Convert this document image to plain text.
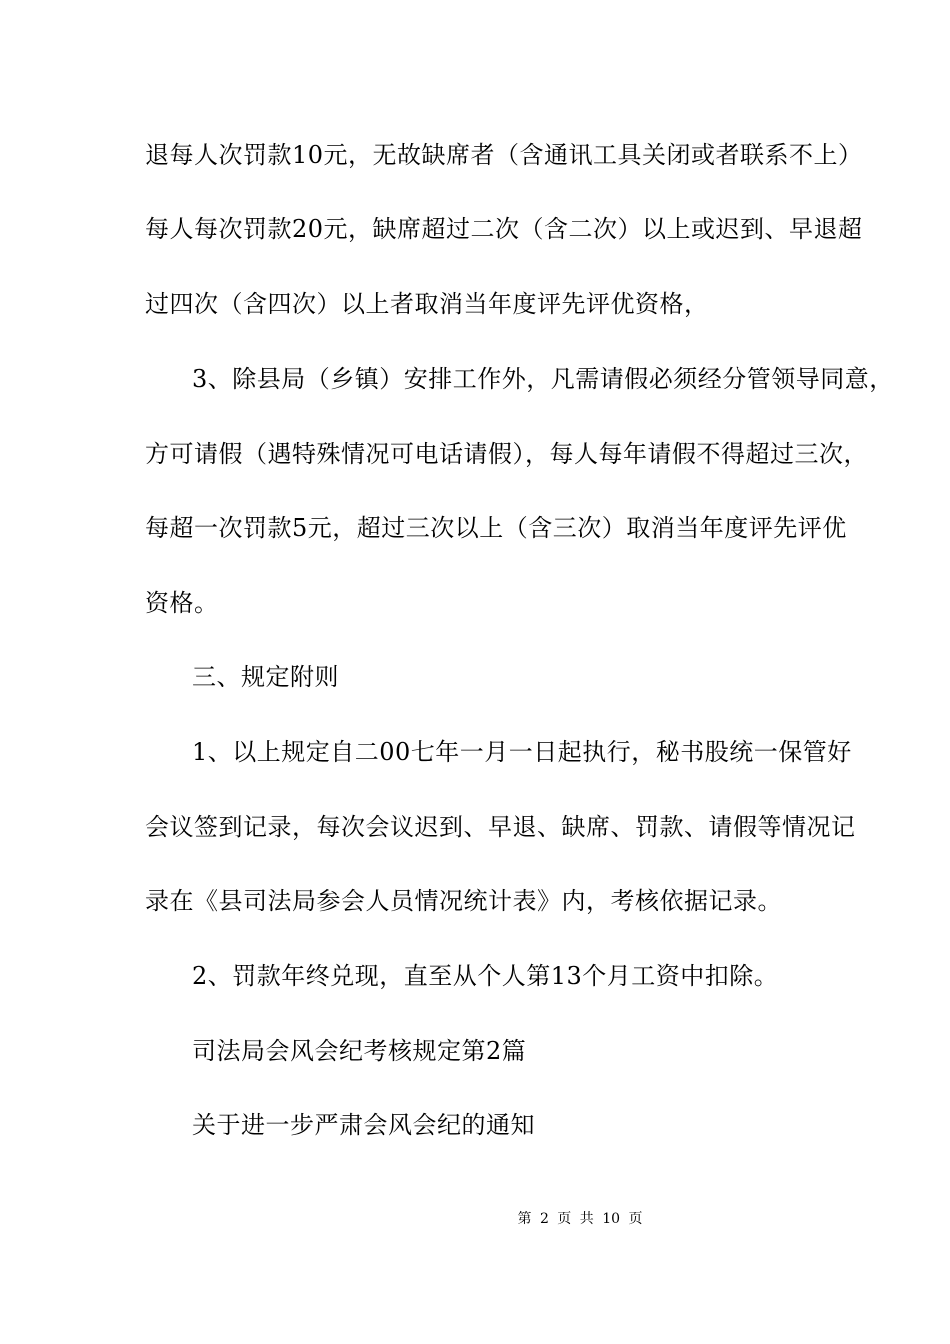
退每人次罚款10元，无故缺席者（含通讯工具关闭或者联系不上）
每人每次罚款20元，缺席超过二次（含二次）以上或迟到、早退超
过四次（含四次）以上者取消当年度评先评优资格，
3、除县局（乡镇）安排工作外，凡需请假必须经分管领导同意，
方可请假（遇特殊情况可电话请假），每人每年请假不得超过三次，
每超一次罚款5元，超过三次以上（含三次）取消当年度评先评优
资格。
三、规定附则
1、以上规定自二00七年一月一日起执行，秘书股统一保管好
会议签到记录，每次会议迟到、早退、缺席、罚款、请假等情况记
录在《县司法局参会人员情况统计表》内，考核依据记录。
2、罚款年终兑现，直至从个人第13个月工资中扣除。
司法局会风会纪考核规定第2篇
关于进一步严肃会风会纪的通知
第 2 页 共 10 页
